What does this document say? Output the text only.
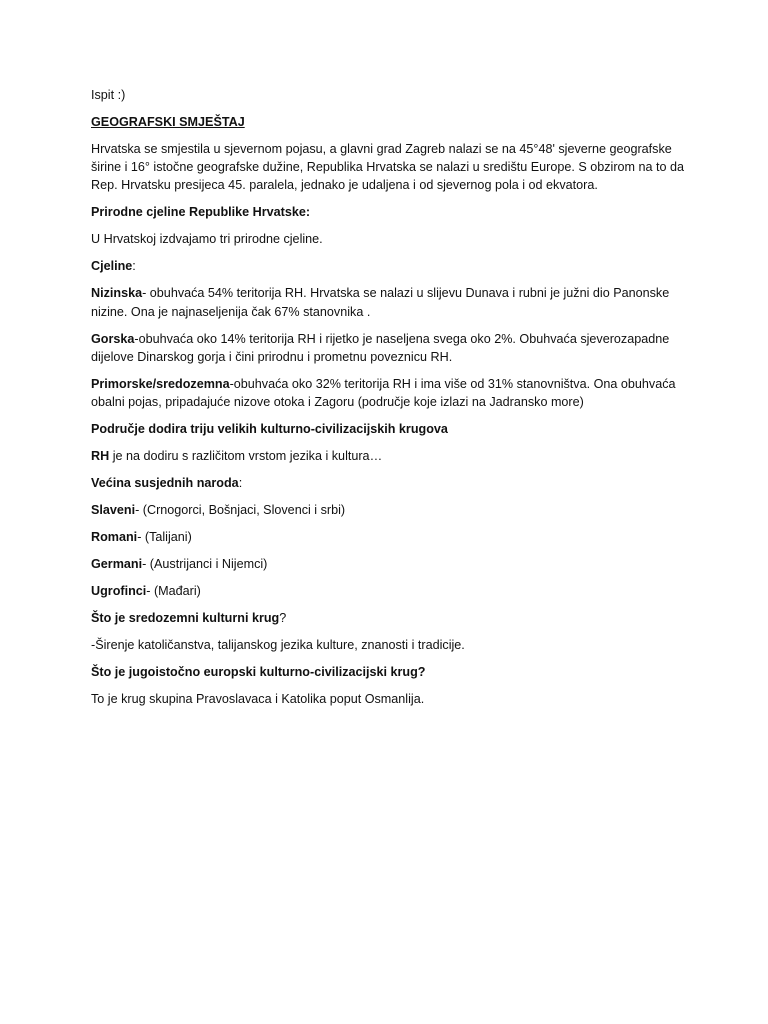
Ispit :)

GEOGRAFSKI SMJEŠTAJ

Hrvatska se smjestila u sjevernom pojasu, a glavni grad Zagreb nalazi se na 45°48' sjeverne geografske širine i 16° istočne geografske dužine, Republika Hrvatska se nalazi u središtu Europe. S obzirom na to da Rep. Hrvatsku presijeca 45. paralela, jednako je udaljena i od sjevernog pola i od ekvatora.

Prirodne cjeline Republike Hrvatske:

U Hrvatskoj izdvajamo tri prirodne cjeline.

Cjeline:

Nizinska- obuhvaća 54% teritorija RH. Hrvatska se nalazi u slijevu Dunava i rubni je južni dio Panonske nizine. Ona je najnaseljenija čak 67% stanovnika .

Gorska-obuhvaća oko 14% teritorija RH i rijetko je naseljena svega oko 2%. Obuhvaća sjeverozapadne dijelove Dinarskog gorja i čini prirodnu i prometnu poveznicu RH.

Primorske/sredozemna-obuhvaća oko 32% teritorija RH i ima više od 31% stanovništva. Ona obuhvaća obalni pojas, pripadajuće nizove otoka i Zagoru (područje koje izlazi na Jadransko more)

Područje dodira triju velikih kulturno-civilizacijskih krugova

RH je na dodiru s različitom vrstom jezika i kultura…

Većina susjednih naroda:

Slaveni- (Crnogorci, Bošnjaci, Slovenci i srbi)

Romani- (Talijani)

Germani- (Austrijanci i Nijemci)

Ugrofinci- (Mađari)

Što je sredozemni kulturni krug?

-Širenje katoličanstva, talijanskog jezika kulture, znanosti i tradicije.

Što je jugoistočno europski kulturno-civilizacijski krug?

To je krug skupina Pravoslavaca i Katolika poput Osmanlija.
